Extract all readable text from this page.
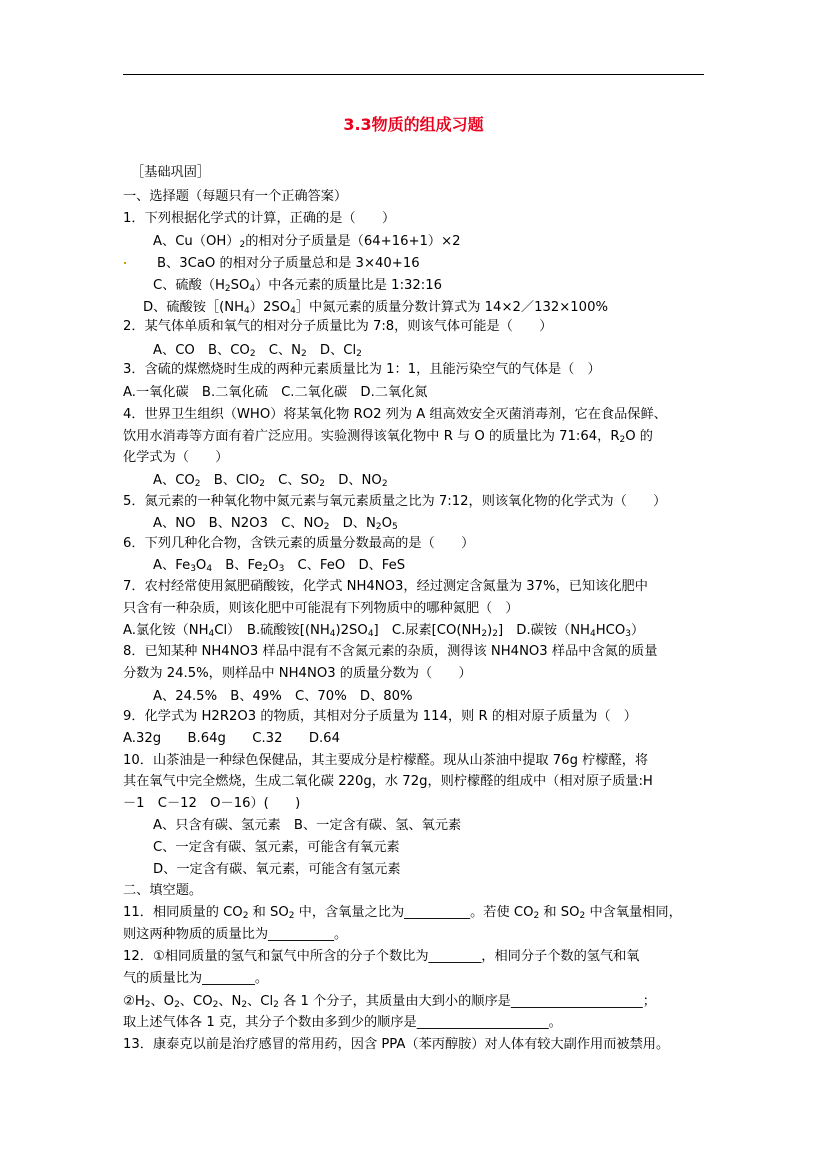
3.3物质的组成习题
［基础巩固］
一、选择题（每题只有一个正确答案）
1．下列根据化学式的计算，正确的是（　　）
A、$Cu(OH)_2$的相对分子质量是（64+16+1）×2
B、3CaO 的相对分子质量总和是 3×40+16
C、硫酸$(H_2SO_4)$中各元素的质量比是 1:32:16
D、硫酸铵$[(NH_4)2SO_4]$中氮元素的质量分数计算式为 14×2／132×100%
2．某气体单质和氧气的相对分子质量比为 7:8，则该气体可能是（　　）
A、CO　B、$CO_2$　C、$N_2$　D、$Cl_2$
3．含硫的煤燃烧时生成的两种元素质量比为 1：1，且能污染空气的气体是（　）
A.一氧化碳　B.二氧化硫　C.二氧化碳　D.二氧化氮
4．世界卫生组织（WHO）将某氧化物 RO2 列为 A 组高效安全灭菌消毒剂，它在食品保鲜、
饮用水消毒等方面有着广泛应用。实验测得该氧化物中 R 与 O 的质量比为 71:64，$R_2O$ 的
化学式为（　　）
A、$CO_2$　B、ClO$_2$　C、$SO_2$　D、$NO_2$
5．氮元素的一种氧化物中氮元素与氧元素质量之比为 7:12，则该氧化物的化学式为（　　）
A、NO　B、N2O3　C、$NO_2$　D、$N_2O_5$
6．下列几种化合物，含铁元素的质量分数最高的是（　　）
A、$Fe_3O_4$　B、$Fe_2O_3$　C、FeO　D、FeS
7．农村经常使用氮肥硝酸铵，化学式 NH4NO3，经过测定含氮量为 37%，已知该化肥中
只含有一种杂质，则该化肥中可能混有下列物质中的哪种氮肥（　）
A.氯化铵$(NH_4Cl)$　B.硫酸铵$[(NH_4)2SO_4]$　C.尿素$[CO(NH_2)_2]$　D.碳铵$(NH_4HCO_3)$
8．已知某种 NH4NO3 样品中混有不含氮元素的杂质，测得该 NH4NO3 样品中含氮的质量
分数为 24.5%，则样品中 NH4NO3 的质量分数为（　　）
A、24.5%　B、49%　C、70%　D、80%
9．化学式为 H2R2O3 的物质，其相对分子质量为 114，则 R 的相对原子质量为（　）
A.32g　　B.64g　　C.32　　D.64
10．山茶油是一种绿色保健品，其主要成分是柠檬醛。现从山茶油中提取 76g 柠檬醛，将
其在氧气中完全燃烧，生成二氧化碳 220g，水 72g，则柠檬醛的组成中（相对原子质量:H
－1　C－12　O－16）(　　)
A、只含有碳、氢元素　B、一定含有碳、氢、氧元素
C、一定含有碳、氢元素，可能含有氧元素
D、一定含有碳、氧元素，可能含有氢元素
二、填空题。
11．相同质量的 $CO_2$ 和 $SO_2$ 中，含氧量之比为__________。若使 $CO_2$ 和 $SO_2$ 中含氧量相同，
则这两种物质的质量比为__________。
12．①相同质量的氢气和氯气中所含的分子个数比为________，相同分子个数的氢气和氧
气的质量比为________。
$②H_2$、$O_2$、$CO_2$、$N_2$、$Cl_2$ 各 1 个分子，其质量由大到小的顺序是____________________；
取上述气体各 1 克，其分子个数由多到少的顺序是____________________。
13．康泰克以前是治疗感冒的常用药，因含 PPA（苯丙醇胺）对人体有较大副作用而被禁用。
